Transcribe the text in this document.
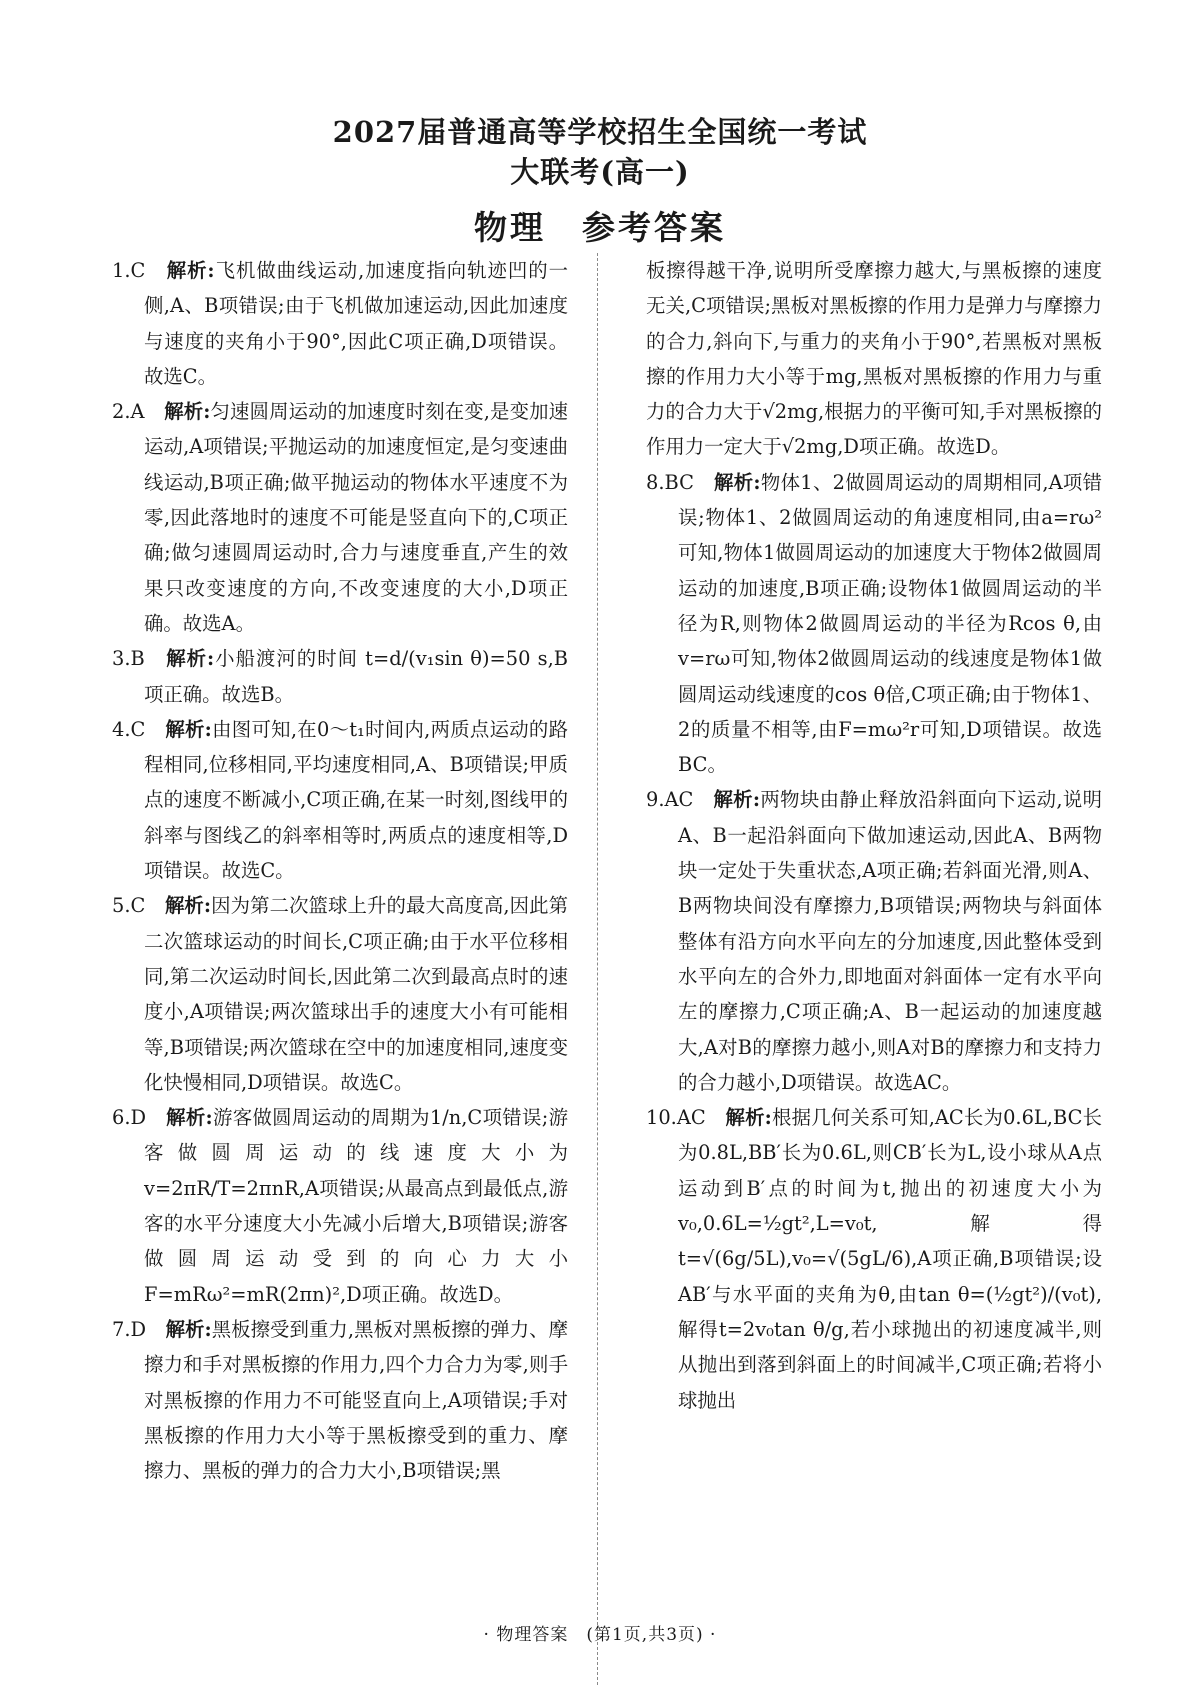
2027届普通高等学校招生全国统一考试
大联考(高一)
物理　参考答案

1.C　 解析:飞机做曲线运动,加速度指向轨迹凹的一侧,A、B项错误;由于飞机做加速运动,因此加速度与速度的夹角小于90°,因此C项正确,D项错误。故选C。

2.A　 解析:匀速圆周运动的加速度时刻在变,是变加速运动,A项错误;平抛运动的加速度恒定,是匀变速曲线运动,B项正确;做平抛运动的物体水平速度不为零,因此落地时的速度不可能是竖直向下的,C项正确;做匀速圆周运动时,合力与速度垂直,产生的效果只改变速度的方向,不改变速度的大小,D项正确。故选A。

3.B　 解析:小船渡河的时间 t=d/(v₁sin θ)=50 s,B项正确。故选B。

4.C　 解析:由图可知,在0～t₁时间内,两质点运动的路程相同,位移相同,平均速度相同,A、B项错误;甲质点的速度不断减小,C项正确,在某一时刻,图线甲的斜率与图线乙的斜率相等时,两质点的速度相等,D项错误。故选C。

5.C　 解析:因为第二次篮球上升的最大高度高,因此第二次篮球运动的时间长,C项正确;由于水平位移相同,第二次运动时间长,因此第二次到最高点时的速度小,A项错误;两次篮球出手的速度大小有可能相等,B项错误;两次篮球在空中的加速度相同,速度变化快慢相同,D项错误。故选C。

6.D　 解析:游客做圆周运动的周期为1/n,C项错误;游客做圆周运动的线速度大小为v=2πR/T=2πnR,A项错误;从最高点到最低点,游客的水平分速度大小先减小后增大,B项错误;游客做圆周运动受到的向心力大小F=mRω²=mR(2πn)²,D项正确。故选D。

7.D　 解析:黑板擦受到重力,黑板对黑板擦的弹力、摩擦力和手对黑板擦的作用力,四个力合力为零,则手对黑板擦的作用力不可能竖直向上,A项错误;手对黑板擦的作用力大小等于黑板擦受到的重力、摩擦力、黑板的弹力的合力大小,B项错误;黑

板擦得越干净,说明所受摩擦力越大,与黑板擦的速度无关,C项错误;黑板对黑板擦的作用力是弹力与摩擦力的合力,斜向下,与重力的夹角小于90°,若黑板对黑板擦的作用力大小等于mg,黑板对黑板擦的作用力与重力的合力大于√2mg,根据力的平衡可知,手对黑板擦的作用力一定大于√2mg,D项正确。故选D。

8.BC　 解析:物体1、2做圆周运动的周期相同,A项错误;物体1、2做圆周运动的角速度相同,由a=rω²可知,物体1做圆周运动的加速度大于物体2做圆周运动的加速度,B项正确;设物体1做圆周运动的半径为R,则物体2做圆周运动的半径为Rcos θ,由v=rω可知,物体2做圆周运动的线速度是物体1做圆周运动线速度的cos θ倍,C项正确;由于物体1、2的质量不相等,由F=mω²r可知,D项错误。故选BC。

9.AC　 解析:两物块由静止释放沿斜面向下运动,说明A、B一起沿斜面向下做加速运动,因此A、B两物块一定处于失重状态,A项正确;若斜面光滑,则A、B两物块间没有摩擦力,B项错误;两物块与斜面体整体有沿方向水平向左的分加速度,因此整体受到水平向左的合外力,即地面对斜面体一定有水平向左的摩擦力,C项正确;A、B一起运动的加速度越大,A对B的摩擦力越小,则A对B的摩擦力和支持力的合力越小,D项错误。故选AC。

10.AC　 解析:根据几何关系可知,AC长为0.6L,BC长为0.8L,BB′长为0.6L,则CB′长为L,设小球从A点运动到B′点的时间为t,抛出的初速度大小为v₀,0.6L=½gt²,L=v₀t,解得t=√(6g/5L),v₀=√(5gL/6),A项正确,B项错误;设AB′与水平面的夹角为θ,由tan θ=(½gt²)/(v₀t),解得t=2v₀tan θ/g,若小球抛出的初速度减半,则从抛出到落到斜面上的时间减半,C项正确;若将小球抛出

· 物理答案　(第1页,共3页) ·
